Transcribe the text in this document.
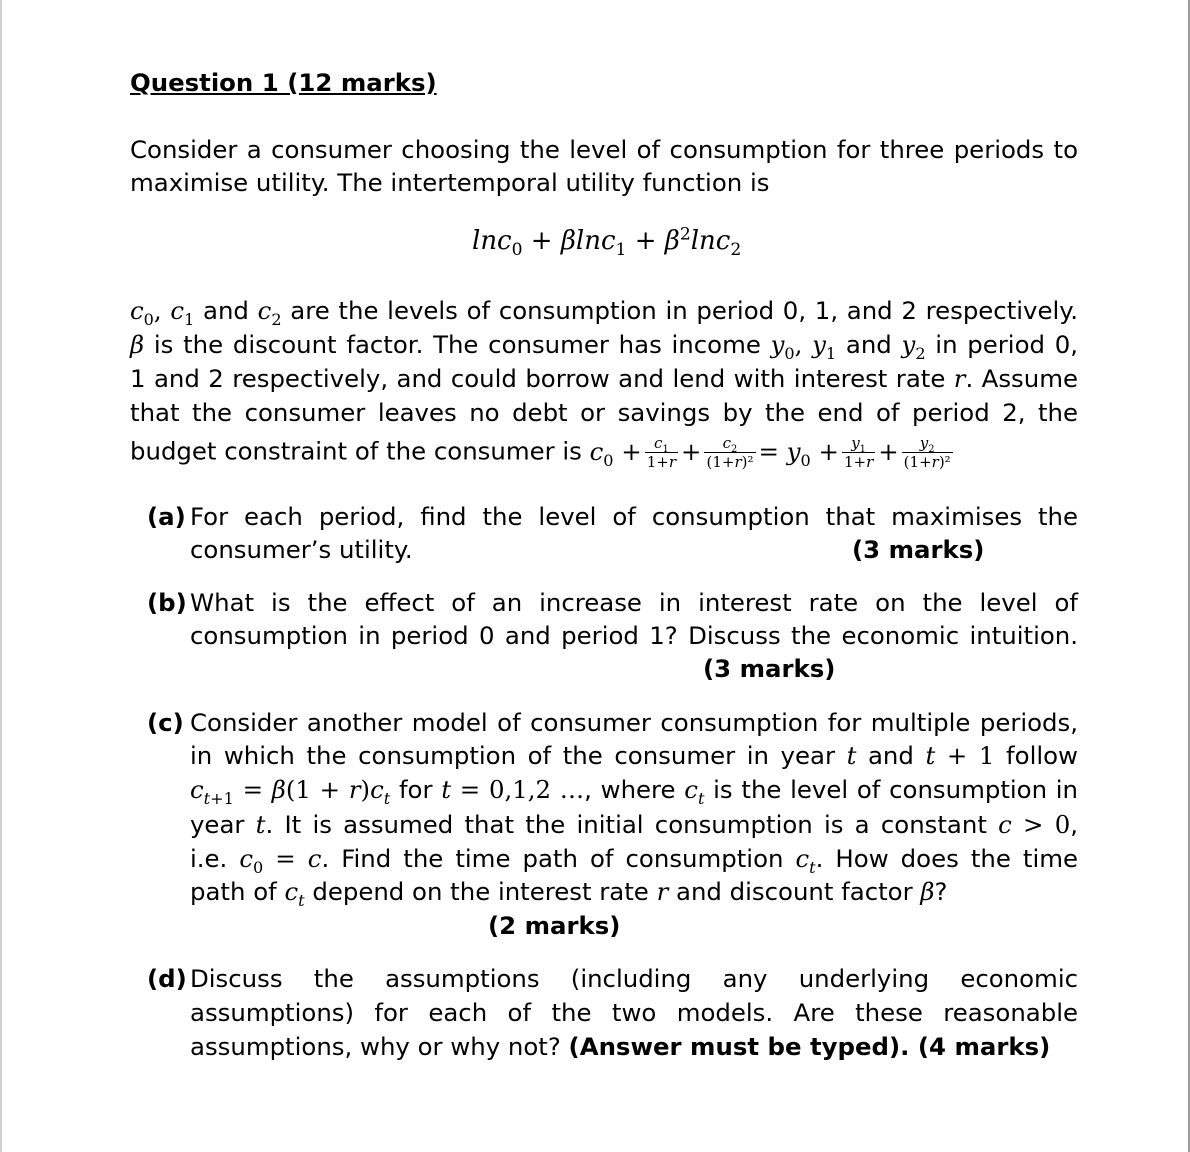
Question 1 (12 marks)
Consider a consumer choosing the level of consumption for three periods to
maximise utility. The intertemporal utility function is
$\ln c_0 + \beta\ln c_1 + \beta^2\ln c_2$
$c_0$, $c_1$ and $c_2$ are the levels of consumption in period 0, 1, and 2 respectively.
β is the discount factor. The consumer has income $y_0$, $y_1$ and $y_2$ in period 0,
1 and 2 respectively, and could borrow and lend with interest rate r. Assume
that the consumer leaves no debt or savings by the end of period 2, the
budget constraint of the consumer is $c_0 + \frac{c_1}{1+r} + \frac{c_2}{\text{(1+r)²}} = y_0 + \frac{y_1}{1+r} + \frac{y_2}{\text{(1+r)²}}$
(a) For each period, find the level of consumption that maximises the
consumer’s utility.	(3 marks)
(b) What is the effect of an increase in interest rate on the level of
consumption in period 0 and period 1? Discuss the economic intuition.
(3 marks)
(c) Consider another model of consumer consumption for multiple periods,
in which the consumption of the consumer in year t and t + 1 follow
$c_{t+1} = \beta(1 + r)c_t$ for t = 0,1,2 …, where $c_t$ is the level of consumption in
year t. It is assumed that the initial consumption is a constant c > 0,
i.e. $c_0 = c$. Find the time path of consumption $c_t$. How does the time
path of $c_t$ depend on the interest rate r and discount factor β?
(2 marks)
(d) Discuss the assumptions (including any underlying economic
assumptions) for each of the two models. Are these reasonable
assumptions, why or why not? (Answer must be typed). (4 marks)
